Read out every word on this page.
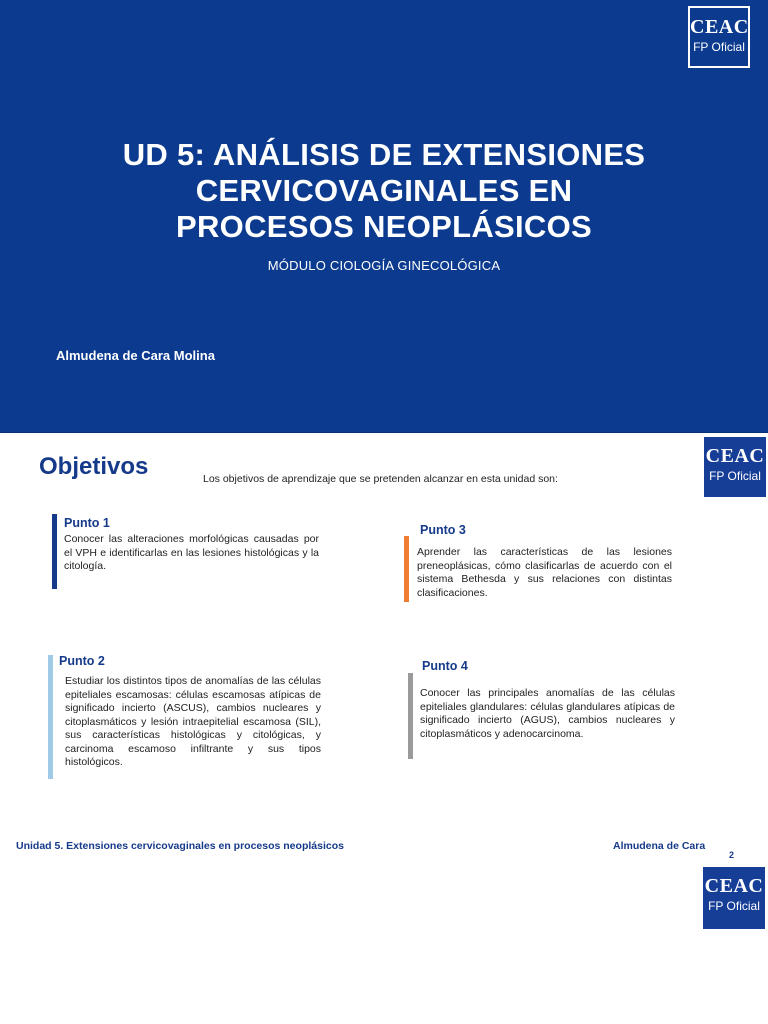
CEAC
FP Oficial
UD 5: ANÁLISIS DE EXTENSIONES
CERVICOVAGINALES EN
PROCESOS NEOPLÁSICOS
MÓDULO CIOLOGÍA GINECOLÓGICA
Almudena de Cara Molina
Objetivos	Los objetivos de aprendizaje que se pretenden alcanzar en esta unidad son:
CEAC
FP Oficial
Punto 1
Conocer las alteraciones morfológicas causadas por el VPH e identificarlas en las lesiones histológicas y la citología.
Punto 2
Estudiar los distintos tipos de anomalías de las células epiteliales escamosas: células escamosas atípicas de significado incierto (ASCUS), cambios nucleares y citoplasmáticos y lesión intraepitelial escamosa (SIL), sus características histológicas y citológicas, y carcinoma escamoso infiltrante y sus tipos histológicos.
Punto 3
Aprender las características de las lesiones preneoplásicas, cómo clasificarlas de acuerdo con el sistema Bethesda y sus relaciones con distintas clasificaciones.
Punto 4
Conocer las principales anomalías de las células epiteliales glandulares: células glandulares atípicas de significado incierto (AGUS), cambios nucleares y citoplasmáticos y adenocarcinoma.
Unidad 5. Extensiones cervicovaginales en procesos neoplásicos	Almudena de Cara
2
CEAC
FP Oficial
